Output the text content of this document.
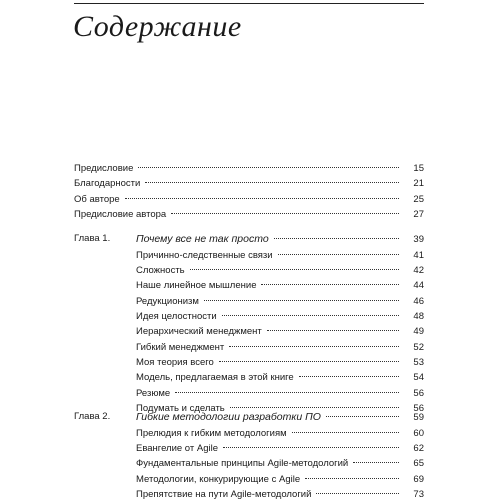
Содержание
Предисловие	15
Благодарности	21
Об авторе	25
Предисловие автора	27
Глава 1. Почему все не так просто	39
Причинно-следственные связи	41
Сложность	42
Наше линейное мышление	44
Редукционизм	46
Идея целостности	48
Иерархический менеджмент	49
Гибкий менеджмент	52
Моя теория всего	53
Модель, предлагаемая в этой книге	54
Резюме	56
Подумать и сделать	56
Глава 2. Гибкие методологии разработки ПО	59
Прелюдия к гибким методологиям	60
Евангелие от Agile	62
Фундаментальные принципы Agile-методологий	65
Методологии, конкурирующие с Agile	69
Препятствие на пути Agile-методологий	73
